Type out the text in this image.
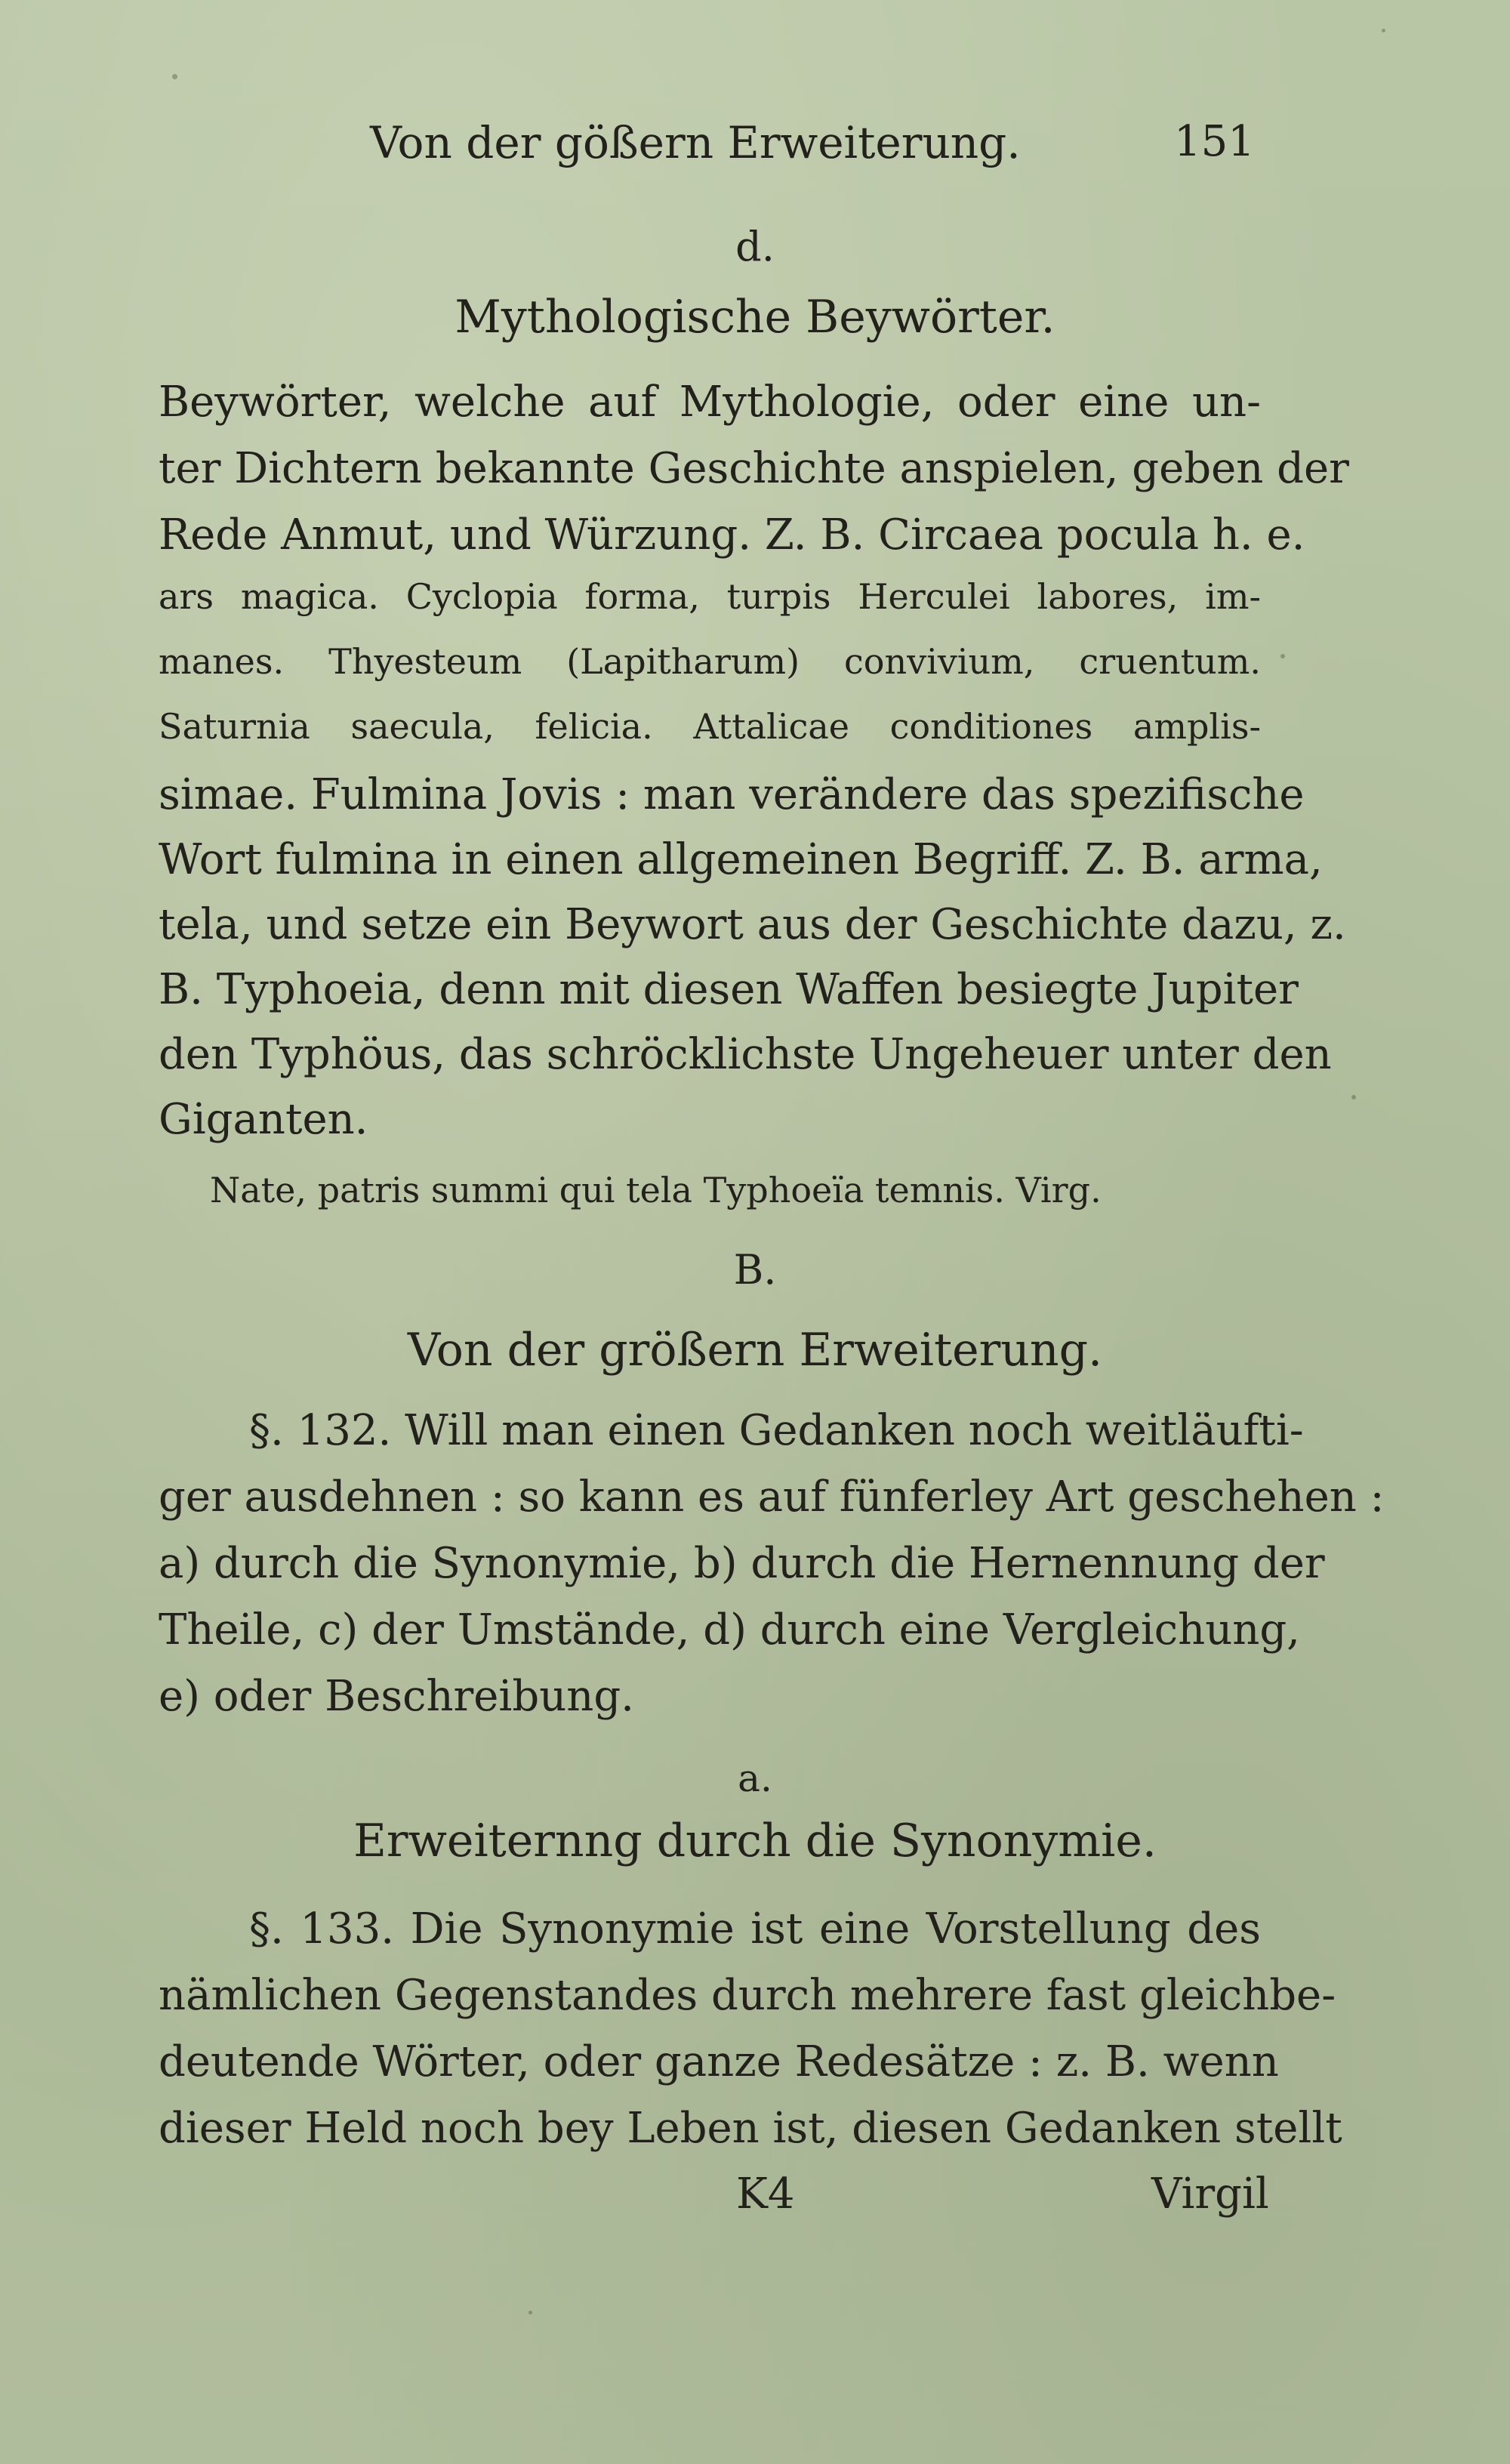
Von der gößern Erweiterung.	151
d.
Mythologische Beywörter.
Beywörter, welche auf Mythologie, oder eine un-
ter Dichtern bekannte Geschichte anspielen, geben der
Rede Anmut, und Würzung. Z. B. Circaea pocula h. e.
ars magica. Cyclopia forma, turpis Herculei labores, im-
manes. Thyesteum (Lapitharum) convivium, cruentum.
Saturnia saecula, felicia. Attalicae conditiones amplis-
simae. Fulmina Jovis : man verändere das spezifische
Wort fulmina in einen allgemeinen Begriff. Z. B. arma,
tela, und setze ein Beywort aus der Geschichte dazu, z.
B. Typhoeia, denn mit diesen Waffen besiegte Jupiter
den Typhöus, das schröcklichste Ungeheuer unter den
Giganten.
Nate, patris summi qui tela Typhoeïa temnis. Virg.
B.
Von der größern Erweiterung.
§. 132. Will man einen Gedanken noch weitläufti-
ger ausdehnen : so kann es auf fünferley Art geschehen :
a) durch die Synonymie, b) durch die Hernennung der
Theile, c) der Umstände, d) durch eine Vergleichung,
e) oder Beschreibung.
a.
Erweiternng durch die Synonymie.
§. 133. Die Synonymie ist eine Vorstellung des
nämlichen Gegenstandes durch mehrere fast gleichbe-
deutende Wörter, oder ganze Redesätze : z. B. wenn
dieser Held noch bey Leben ist, diesen Gedanken stellt
K4	Virgil
